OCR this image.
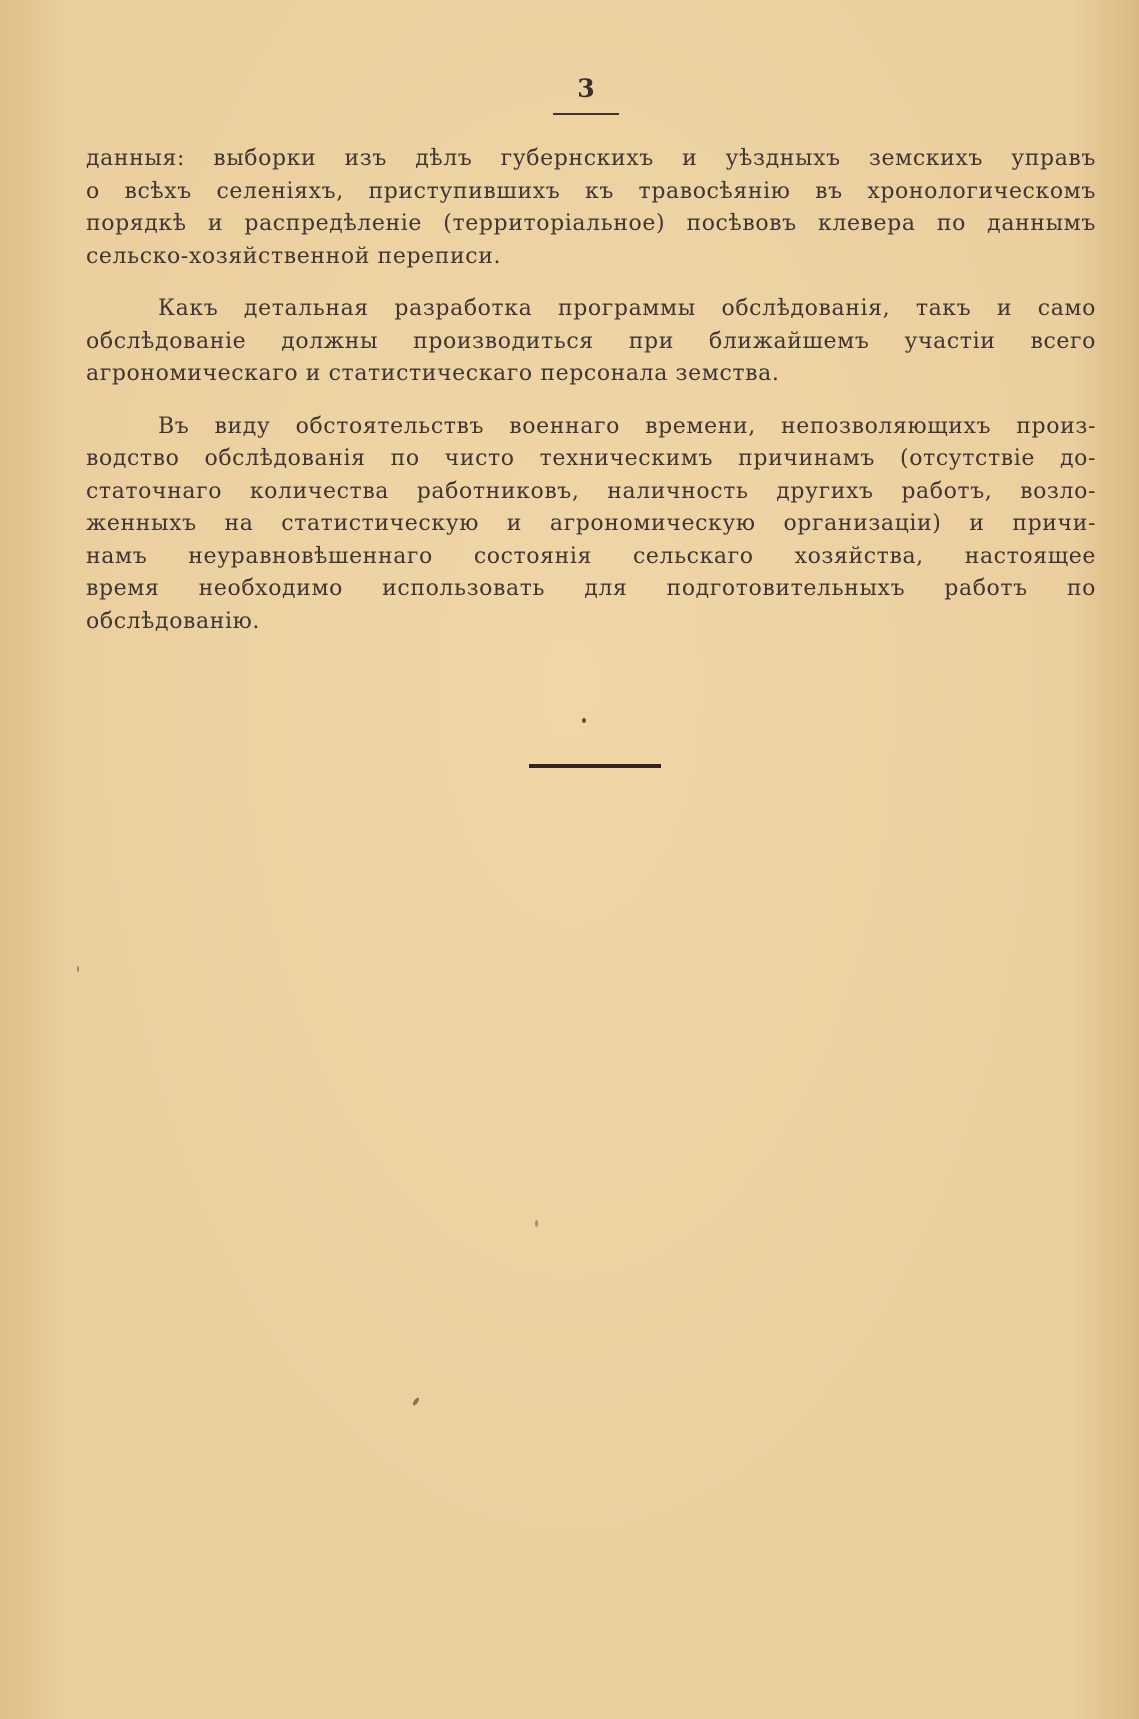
3
данныя: выборки изъ дѣлъ губернскихъ и уѣздныхъ земскихъ управъ
о всѣхъ селеніяхъ, приступившихъ къ травосѣянію въ хронологическомъ
порядкѣ и распредѣленіе (территоріальное) посѣвовъ клевера по даннымъ
сельско-хозяйственной переписи.
Какъ детальная разработка программы обслѣдованія, такъ и само
обслѣдованіе должны производиться при ближайшемъ участіи всего
агрономическаго и статистическаго персонала земства.
Въ виду обстоятельствъ военнаго времени, непозволяющихъ произ-
водство обслѣдованія по чисто техническимъ причинамъ (отсутствіе до-
статочнаго количества работниковъ, наличность другихъ работъ, возло-
женныхъ на статистическую и агрономическую организаціи) и причи-
намъ неуравновѣшеннаго состоянія сельскаго хозяйства, настоящее
время необходимо использовать для подготовительныхъ работъ по
обслѣдованію.
